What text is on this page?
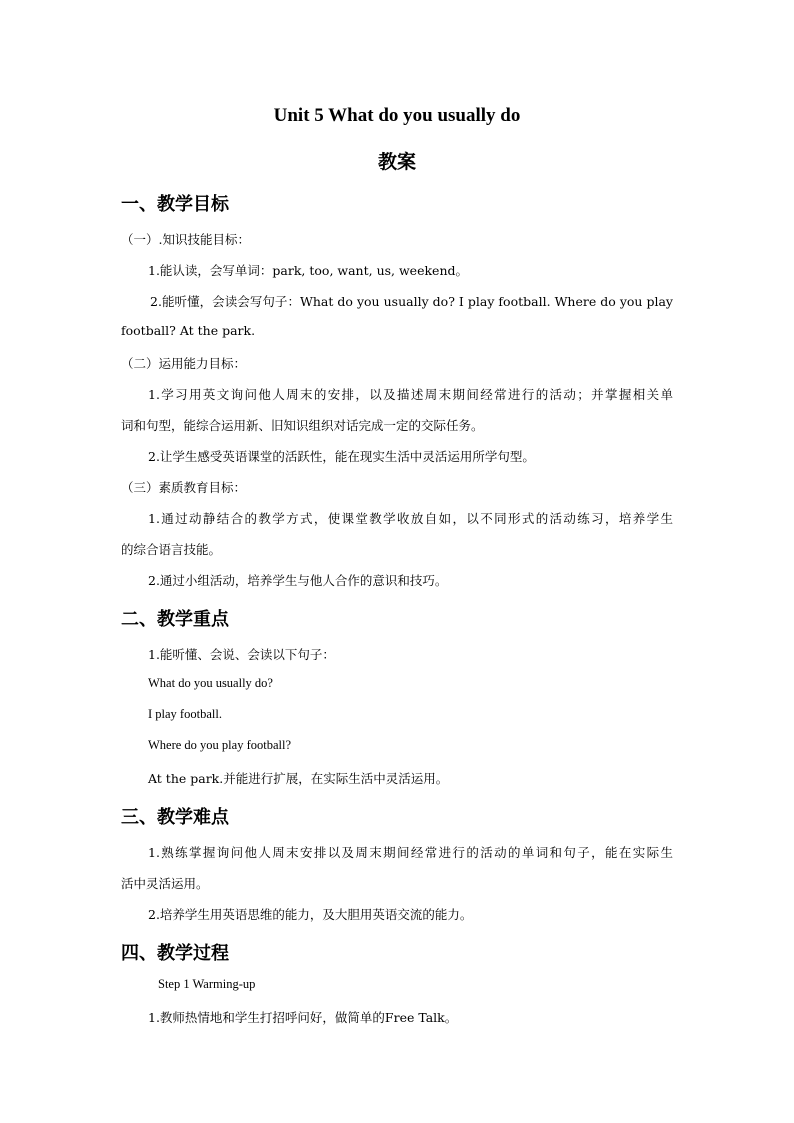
Unit 5 What do you usually do
教案
一、教学目标
（一）.知识技能目标：
1.能认读，会写单词：park, too, want, us, weekend。
2.能听懂，会读会写句子：What do you usually do? I play football. Where do you play
football? At the park.
（二）运用能力目标：
1.学习用英文询问他人周末的安排，以及描述周末期间经常进行的活动；并掌握相关单
词和句型，能综合运用新、旧知识组织对话完成一定的交际任务。
2.让学生感受英语课堂的活跃性，能在现实生活中灵活运用所学句型。
（三）素质教育目标：
1.通过动静结合的教学方式，使课堂教学收放自如，以不同形式的活动练习，培养学生
的综合语言技能。
2.通过小组活动，培养学生与他人合作的意识和技巧。
二、教学重点
1.能听懂、会说、会读以下句子：
What do you usually do?
I play football.
Where do you play football?
At the park.并能进行扩展，在实际生活中灵活运用。
三、教学难点
1.熟练掌握询问他人周末安排以及周末期间经常进行的活动的单词和句子，能在实际生
活中灵活运用。
2.培养学生用英语思维的能力，及大胆用英语交流的能力。
四、教学过程
Step 1 Warming-up
1.教师热情地和学生打招呼问好，做简单的Free Talk。
